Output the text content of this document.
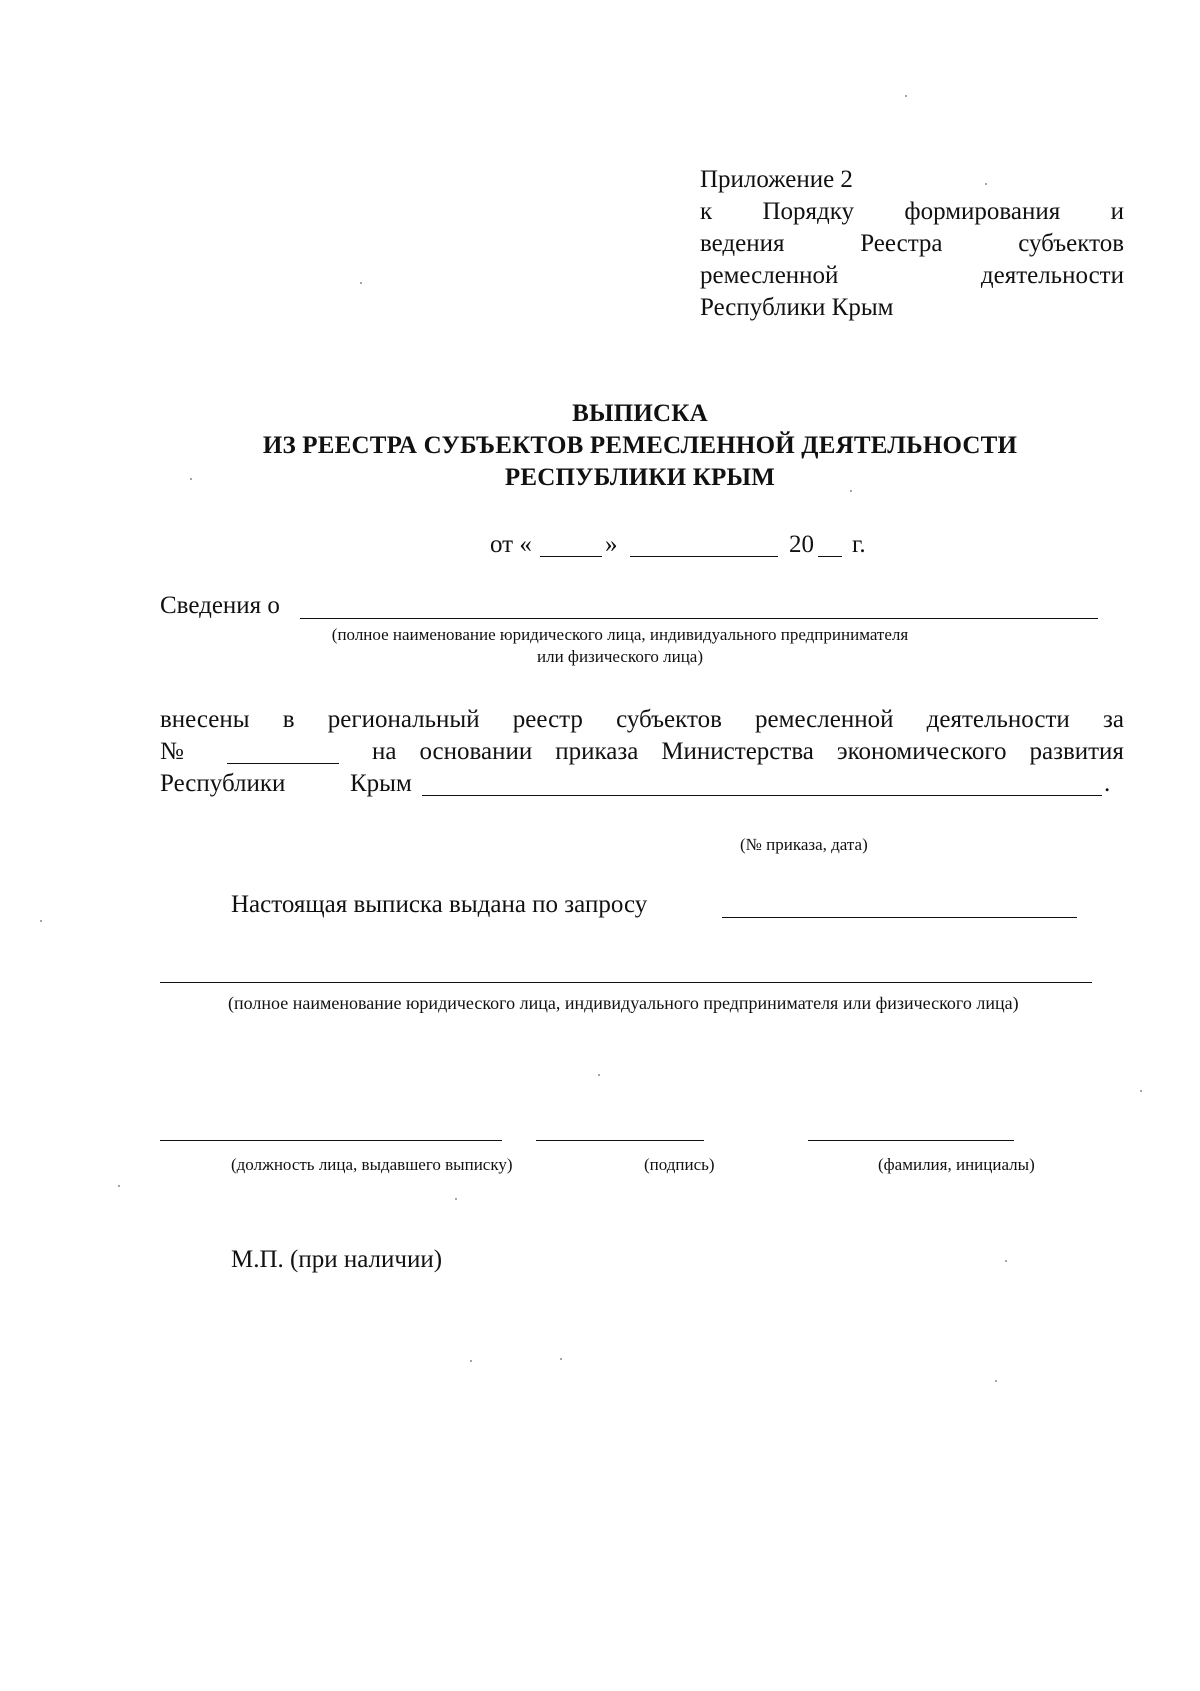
Приложение 2
к Порядку формирования и
ведения	Реестра	субъектов
ремесленной	деятельности
Республики Крым
ВЫПИСКА
ИЗ РЕЕСТРА СУБЪЕКТОВ РЕМЕСЛЕННОЙ ДЕЯТЕЛЬНОСТИ
РЕСПУБЛИКИ КРЫМ
от «	»	20 г.
Сведения о
(полное наименование юридического лица, индивидуального предпринимателя
или физического лица)
внесены в региональный реестр субъектов ремесленной деятельности за
№	на основании приказа Министерства экономического развития
Республики	Крым	.
(№ приказа, дата)
Настоящая выписка выдана по запросу
(полное наименование юридического лица, индивидуального предпринимателя или физического лица)
(должность лица, выдавшего выписку)	(подпись)	(фамилия, инициалы)
М.П. (при наличии)
